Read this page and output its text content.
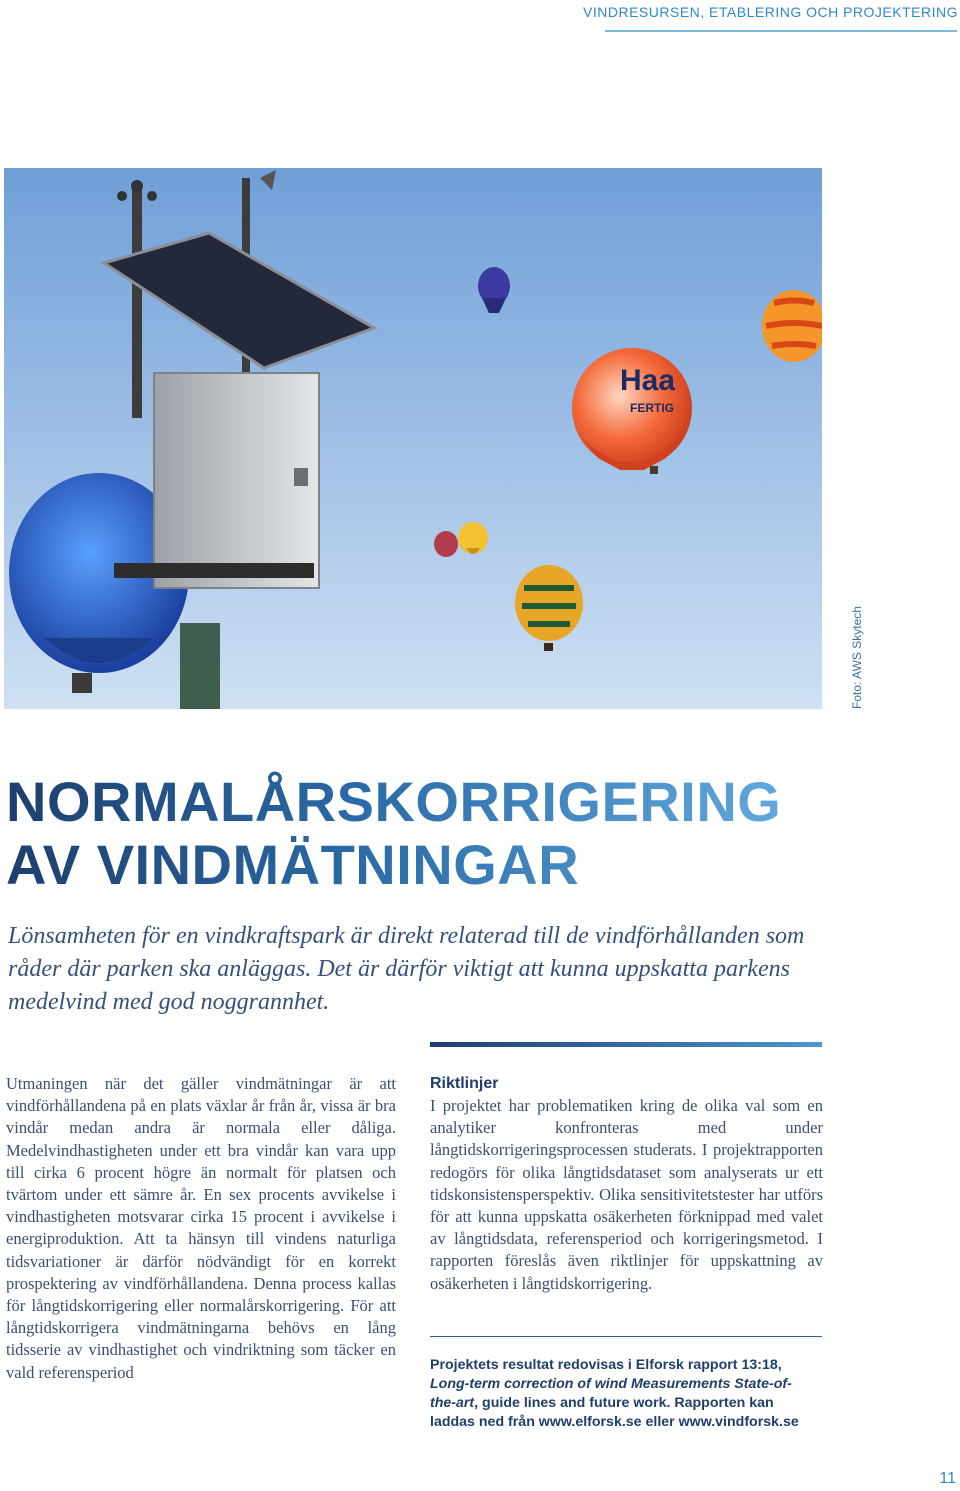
VINDRESURSEN, ETABLERING OCH PROJEKTERING
Haa
FERTIG
Foto: AWS Skytech
NORMALÅRSKORRIGERING
AV VINDMÄTNINGAR

Lönsamheten för en vindkraftspark är direkt relaterad till de vindförhållanden som råder där parken ska anläggas. Det är därför viktigt att kunna uppskatta parkens medelvind med god noggrannhet.

Utmaningen när det gäller vindmätningar är att vindförhållandena på en plats växlar år från år, vissa är bra vindår medan andra är normala eller dåliga. Medelvindhastigheten under ett bra vindår kan vara upp till cirka 6 procent högre än normalt för platsen och tvärtom under ett sämre år. En sex procents avvikelse i vindhastigheten motsvarar cirka 15 procent i avvikelse i energiproduktion. Att ta hänsyn till vindens naturliga tidsvariationer är därför nödvändigt för en korrekt prospektering av vindförhållandena. Denna process kallas för långtidskorrigering eller normalårskorrigering. För att långtidskorrigera vindmätningarna behövs en lång tidsserie av vindhastighet och vindriktning som täcker en vald referensperiod

Riktlinjer

I projektet har problematiken kring de olika val som en analytiker konfronteras med under långtidskorrigeringsprocessen studerats. I projektrapporten redogörs för olika långtidsdataset som analyserats ur ett tidskonsistensperspektiv. Olika sensitivitetstester har utförs för att kunna uppskatta osäkerheten förknippad med valet av långtidsdata, referensperiod och korrigeringsmetod. I rapporten föreslås även riktlinjer för uppskattning av osäkerheten i långtidskorrigering.

Projektets resultat redovisas i Elforsk rapport 13:18, Long-term correction of wind Measurements State-of-the-art, guide lines and future work. Rapporten kan laddas ned från www.elforsk.se eller www.vindforsk.se

11
